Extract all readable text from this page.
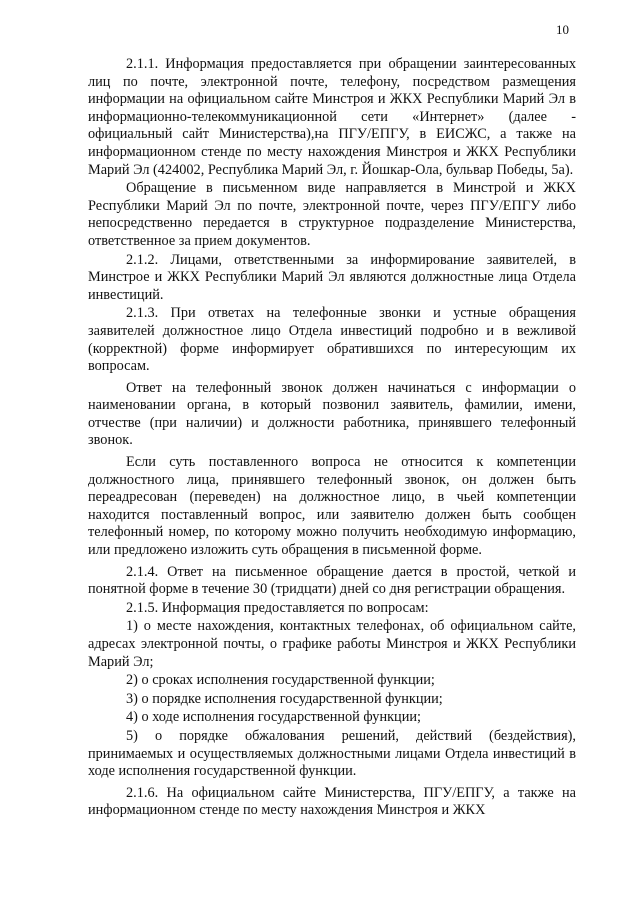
10

2.1.1. Информация предоставляется при обращении заинтересованных лиц по почте, электронной почте, телефону, посредством размещения информации на официальном сайте Минстроя и ЖКХ Республики Марий Эл в информационно-телекоммуникационной сети «Интернет» (далее - официальный сайт Министерства),на ПГУ/ЕПГУ, в ЕИСЖС, а также на информационном стенде по месту нахождения Минстроя и ЖКХ Республики Марий Эл (424002, Республика Марий Эл, г. Йошкар-Ола, бульвар Победы, 5а).

Обращение в письменном виде направляется в Минстрой и ЖКХ Республики Марий Эл по почте, электронной почте, через ПГУ/ЕПГУ либо непосредственно передается в структурное подразделение Министерства, ответственное за прием документов.

2.1.2. Лицами, ответственными за информирование заявителей, в Минстрое и ЖКХ Республики Марий Эл являются должностные лица Отдела инвестиций.

2.1.3. При ответах на телефонные звонки и устные обращения заявителей должностное лицо Отдела инвестиций подробно и в вежливой (корректной) форме информирует обратившихся по интересующим их вопросам.

Ответ на телефонный звонок должен начинаться с информации о наименовании органа, в который позвонил заявитель, фамилии, имени, отчестве (при наличии) и должности работника, принявшего телефонный звонок.

Если суть поставленного вопроса не относится к компетенции должностного лица, принявшего телефонный звонок, он должен быть переадресован (переведен) на должностное лицо, в чьей компетенции находится поставленный вопрос, или заявителю должен быть сообщен телефонный номер, по которому можно получить необходимую информацию, или предложено изложить суть обращения в письменной форме.

2.1.4. Ответ на письменное обращение дается в простой, четкой и понятной форме в течение 30 (тридцати) дней со дня регистрации обращения.

2.1.5. Информация предоставляется по вопросам:

1) о месте нахождения, контактных телефонах, об официальном сайте, адресах электронной почты, о графике работы Минстроя и ЖКХ Республики Марий Эл;

2) о сроках исполнения государственной функции;

3) о порядке исполнения государственной функции;

4) о ходе исполнения государственной функции;

5) о порядке обжалования решений, действий (бездействия), принимаемых и осуществляемых должностными лицами Отдела инвестиций в ходе исполнения государственной функции.

2.1.6. На официальном сайте Министерства, ПГУ/ЕПГУ, а также на информационном стенде по месту нахождения Минстроя и ЖКХ
